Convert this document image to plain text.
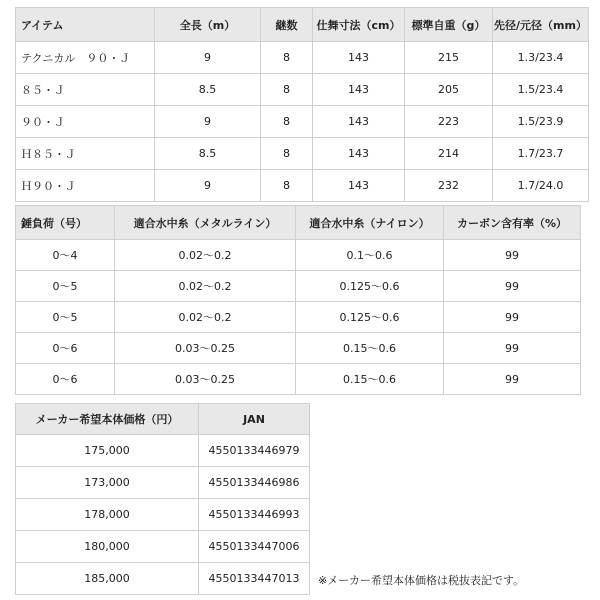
アイテム	全長（m）	継数	仕舞寸法（cm）	標準自重（g）	先径/元径（mm）
テクニカル　９０・Ｊ	9	8	143	215	1.3/23.4
８５・Ｊ	8.5	8	143	205	1.5/23.4
９０・Ｊ	9	8	143	223	1.5/23.9
Ｈ８５・Ｊ	8.5	8	143	214	1.7/23.7
Ｈ９０・Ｊ	9	8	143	232	1.7/24.0
錘負荷（号）	適合水中糸（メタルライン）	適合水中糸（ナイロン）	カーボン含有率（%）
0〜4	0.02〜0.2	0.1〜0.6	99
0〜5	0.02〜0.2	0.125〜0.6	99
0〜5	0.02〜0.2	0.125〜0.6	99
0〜6	0.03〜0.25	0.15〜0.6	99
0〜6	0.03〜0.25	0.15〜0.6	99
メーカー希望本体価格（円）	JAN
175,000	4550133446979
173,000	4550133446986
178,000	4550133446993
180,000	4550133447006
185,000	4550133447013 ※メーカー希望本体価格は税抜表記です。
